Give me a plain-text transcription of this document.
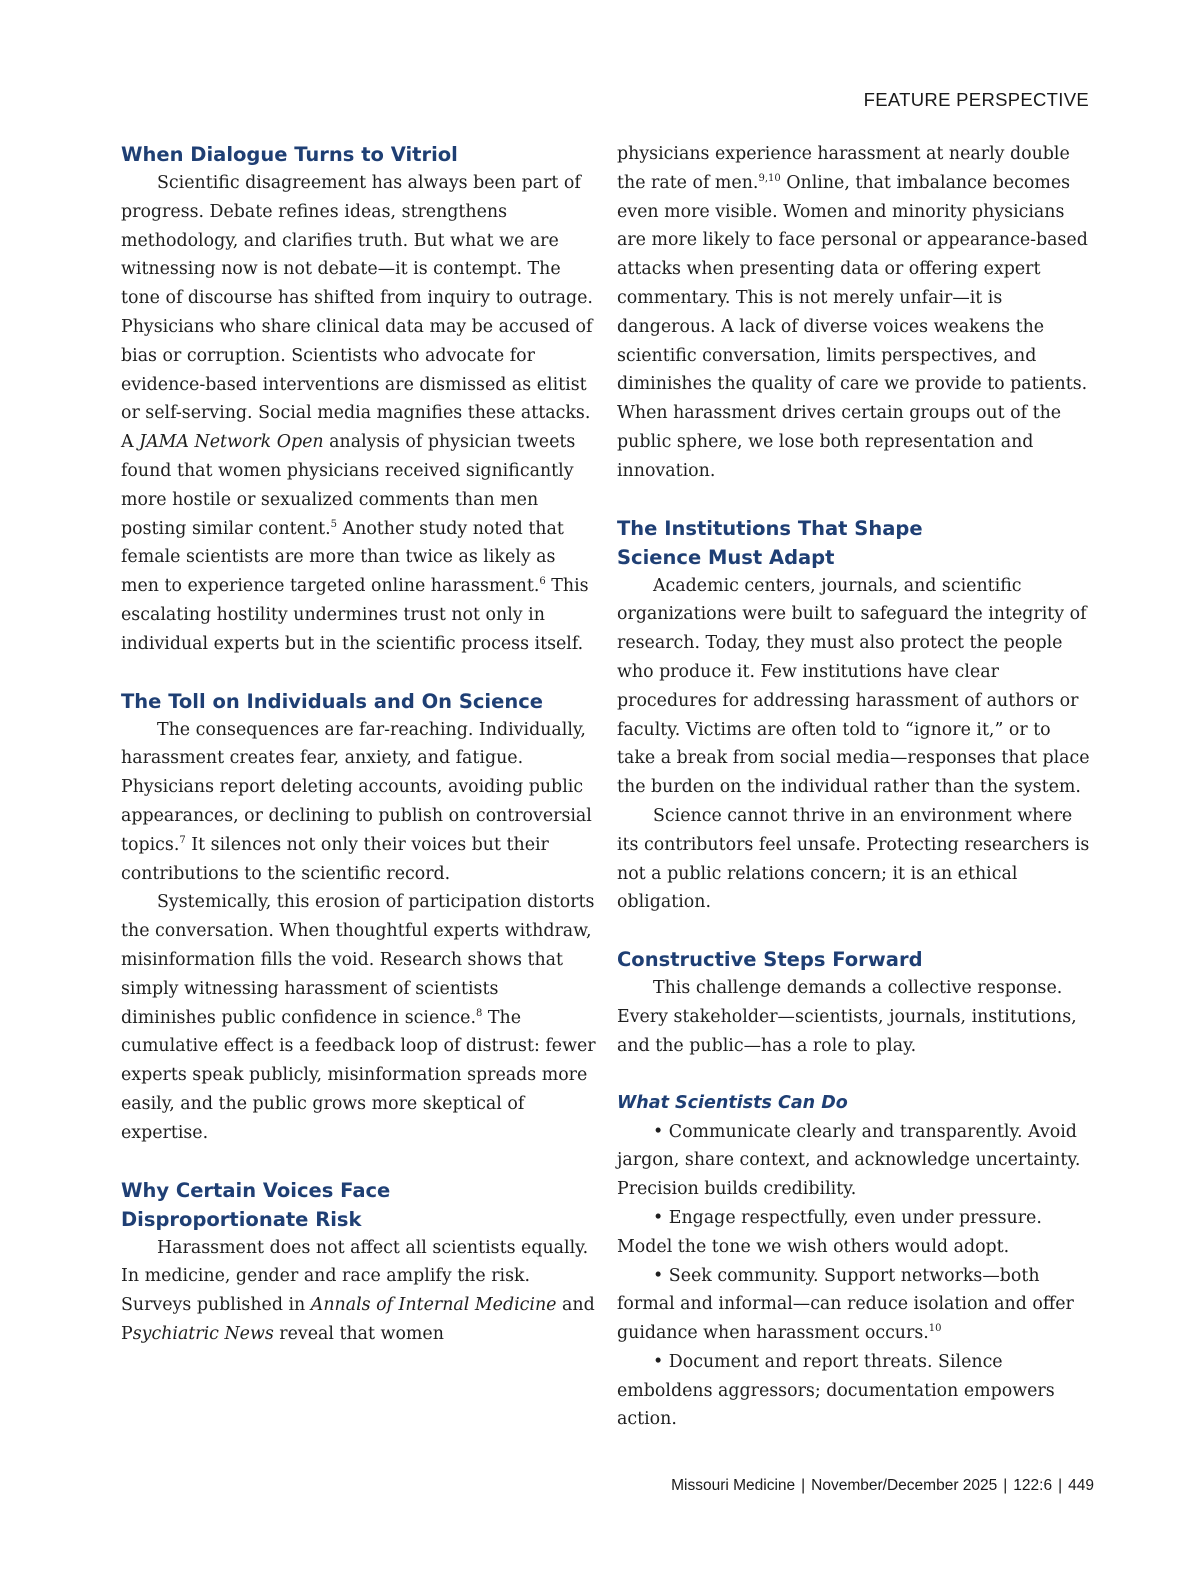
FEATURE PERSPECTIVE
When Dialogue Turns to Vitriol

Scientific disagreement has always been part of progress. Debate refines ideas, strengthens methodology, and clarifies truth. But what we are witnessing now is not debate—it is contempt. The tone of discourse has shifted from inquiry to outrage. Physicians who share clinical data may be accused of bias or corruption. Scientists who advocate for evidence-based interventions are dismissed as elitist or self-serving. Social media magnifies these attacks. A JAMA Network Open analysis of physician tweets found that women physicians received significantly more hostile or sexualized comments than men posting similar content.$^5$ Another study noted that female scientists are more than twice as likely as men to experience targeted online harassment.$^6$ This escalating hostility undermines trust not only in individual experts but in the scientific process itself.

The Toll on Individuals and On Science

The consequences are far-reaching. Individually, harassment creates fear, anxiety, and fatigue. Physicians report deleting accounts, avoiding public appearances, or declining to publish on controversial topics.$^7$ It silences not only their voices but their contributions to the scientific record.

Systemically, this erosion of participation distorts the conversation. When thoughtful experts withdraw, misinformation fills the void. Research shows that simply witnessing harassment of scientists diminishes public confidence in science.$^8$ The cumulative effect is a feedback loop of distrust: fewer experts speak publicly, misinformation spreads more easily, and the public grows more skeptical of expertise.

Why Certain Voices Face
Disproportionate Risk

Harassment does not affect all scientists equally. In medicine, gender and race amplify the risk. Surveys published in Annals of Internal Medicine and Psychiatric News reveal that women

physicians experience harassment at nearly double the rate of men.$^{9,10}$ Online, that imbalance becomes even more visible. Women and minority physicians are more likely to face personal or appearance-based attacks when presenting data or offering expert commentary. This is not merely unfair—it is dangerous. A lack of diverse voices weakens the scientific conversation, limits perspectives, and diminishes the quality of care we provide to patients. When harassment drives certain groups out of the public sphere, we lose both representation and innovation.

The Institutions That Shape
Science Must Adapt

Academic centers, journals, and scientific organizations were built to safeguard the integrity of research. Today, they must also protect the people who produce it. Few institutions have clear procedures for addressing harassment of authors or faculty. Victims are often told to “ignore it,” or to take a break from social media—responses that place the burden on the individual rather than the system.

Science cannot thrive in an environment where its contributors feel unsafe. Protecting researchers is not a public relations concern; it is an ethical obligation.

Constructive Steps Forward

This challenge demands a collective response. Every stakeholder—scientists, journals, institutions, and the public—has a role to play.

What Scientists Can Do

• Communicate clearly and transparently. Avoid jargon, share context, and acknowledge uncertainty. Precision builds credibility.

• Engage respectfully, even under pressure. Model the tone we wish others would adopt.

• Seek community. Support networks—both formal and informal—can reduce isolation and offer guidance when harassment occurs.$^{10}$

• Document and report threats. Silence emboldens aggressors; documentation empowers action.

Missouri Medicine | November/December 2025 | 122:6 | 449
